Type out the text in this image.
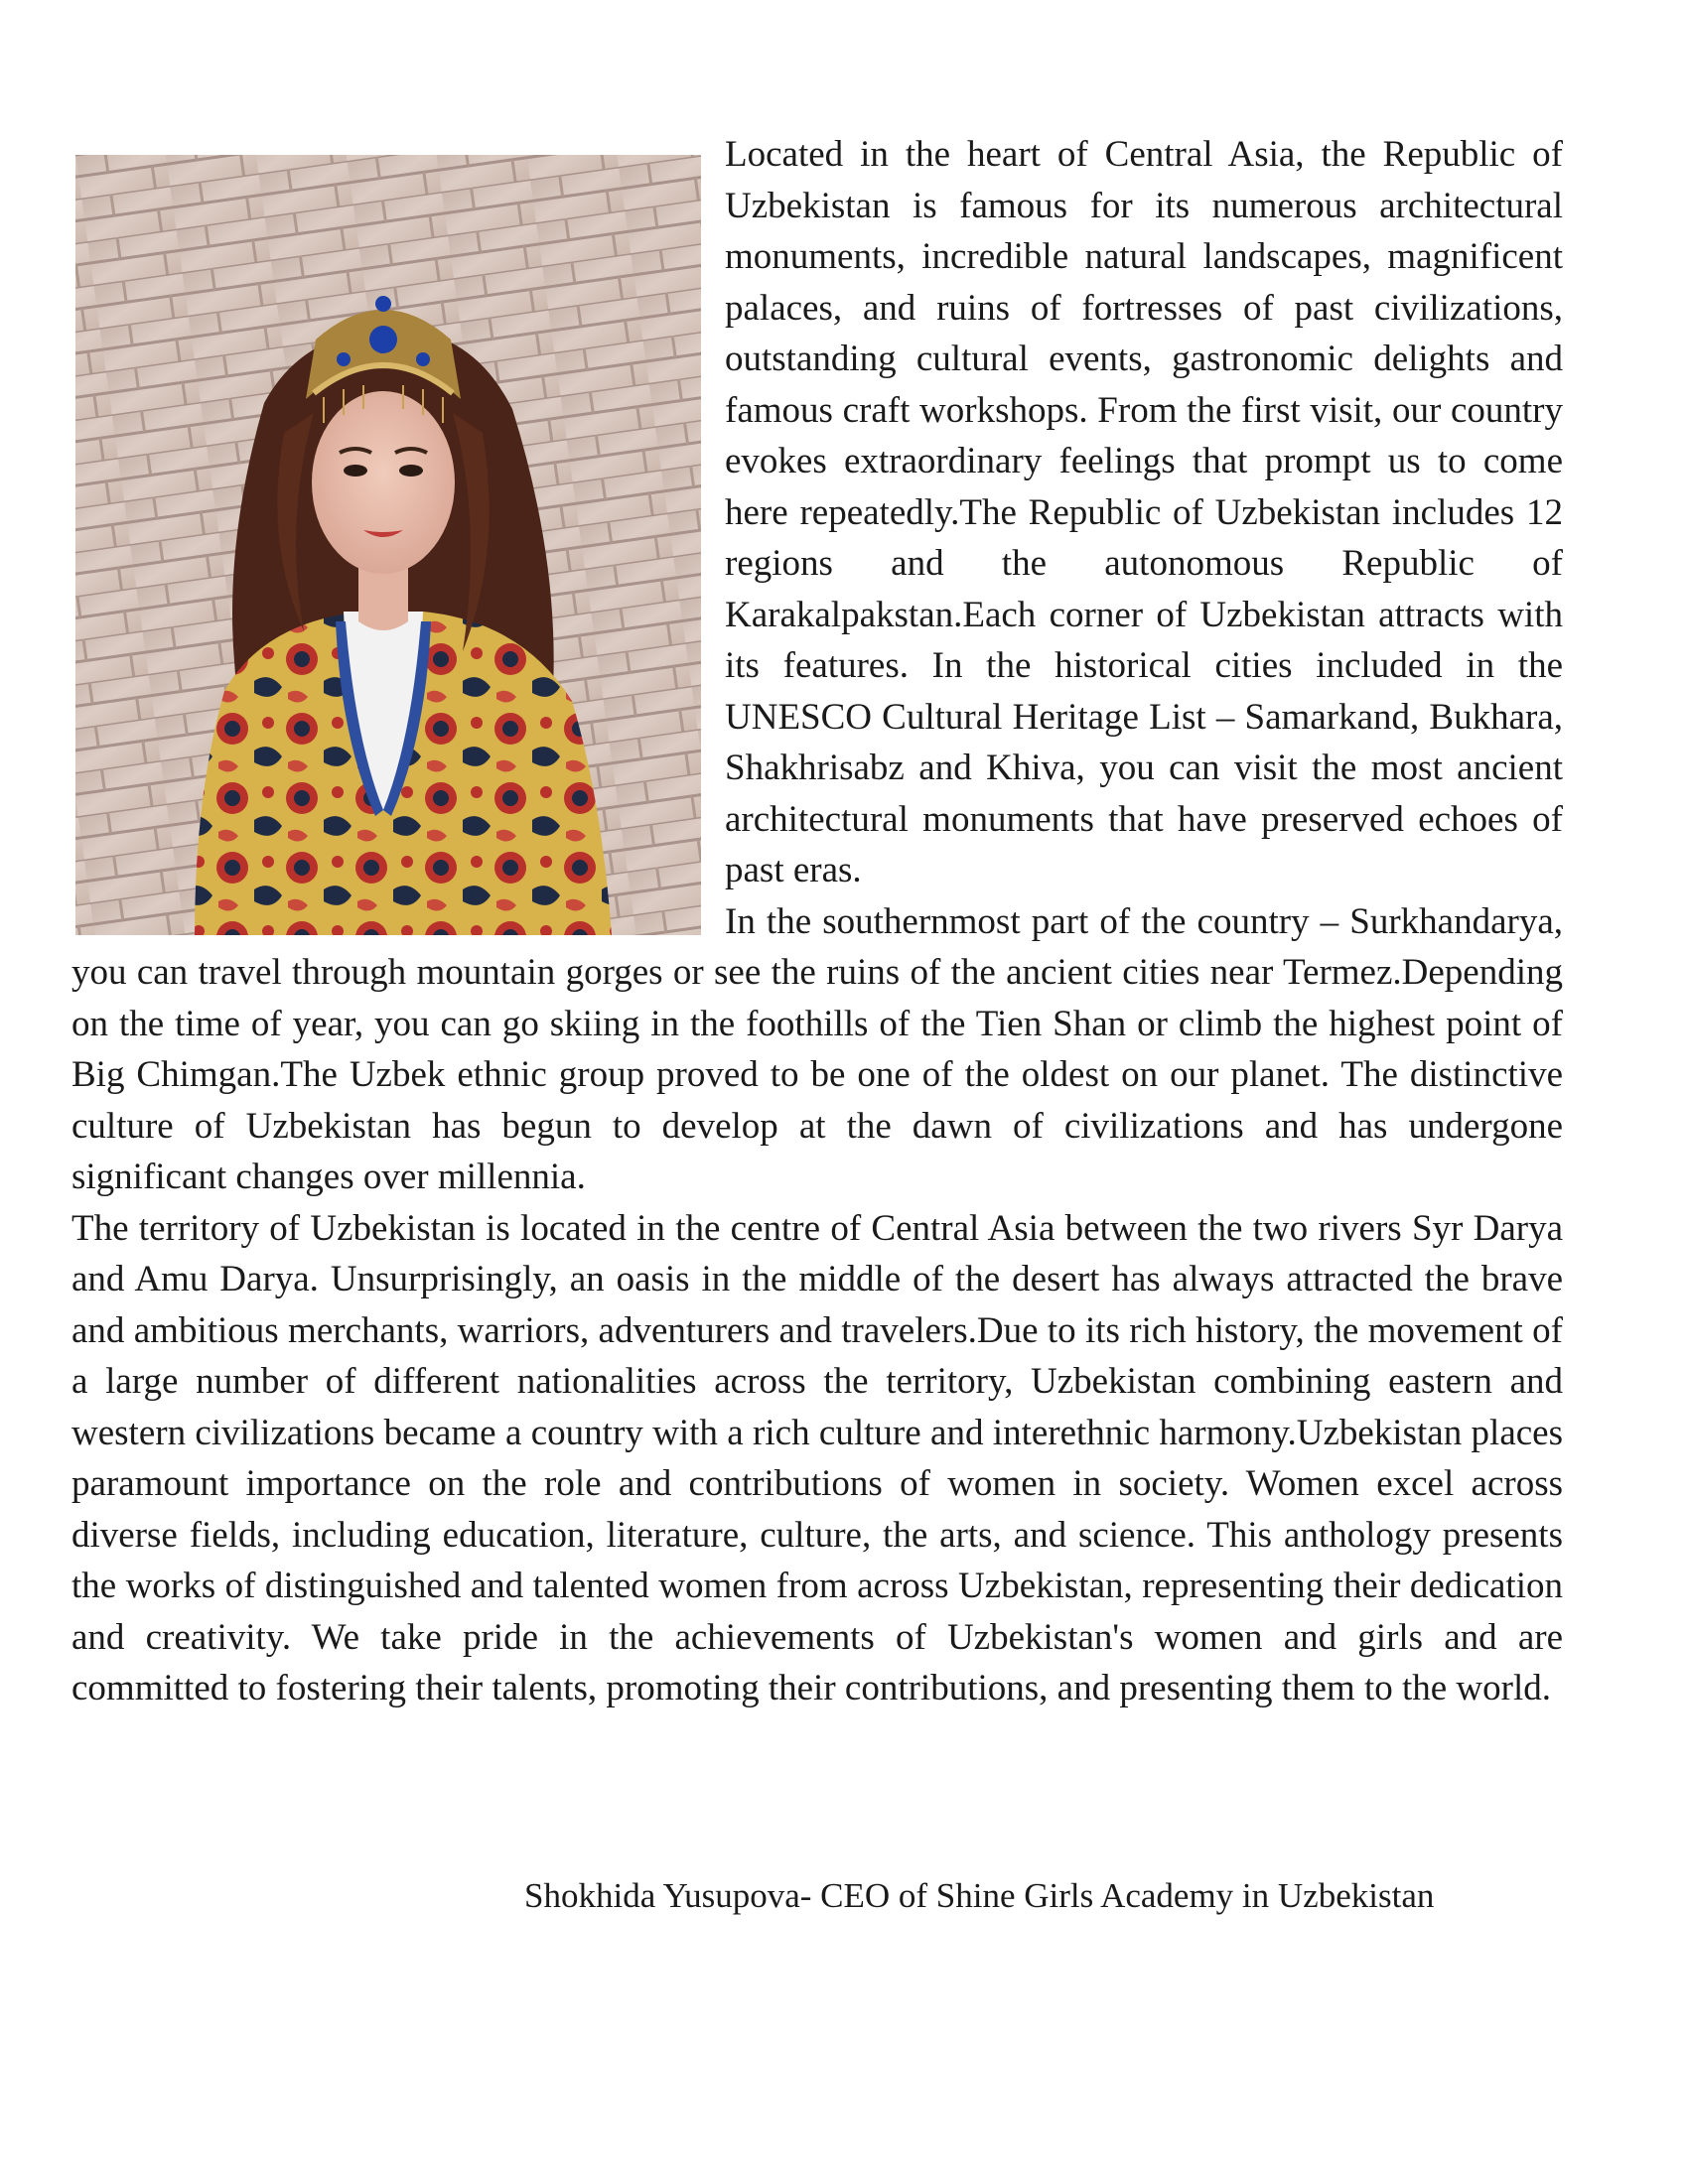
Located in the heart of Central Asia, the Republic of Uzbekistan is famous for its numerous architectural monuments, incredible natural landscapes, magnificent palaces, and ruins of fortresses of past civilizations, outstanding cultural events, gastronomic delights and famous craft workshops. From the first visit, our country evokes extraordinary feelings that prompt us to come here repeatedly.The Republic of Uzbekistan includes 12 regions and the autonomous Republic of Karakalpakstan.Each corner of Uzbekistan attracts with its features. In the historical cities included in the UNESCO Cultural Heritage List – Samarkand, Bukhara, Shakhrisabz and Khiva, you can visit the most ancient architectural monuments that have preserved echoes of past eras.

In the southernmost part of the country – Surkhandarya, you can travel through mountain gorges or see the ruins of the ancient cities near Termez.Depending on the time of year, you can go skiing in the foothills of the Tien Shan or climb the highest point of Big Chimgan.The Uzbek ethnic group proved to be one of the oldest on our planet. The distinctive culture of Uzbekistan has begun to develop at the dawn of civilizations and has undergone significant changes over millennia.

The territory of Uzbekistan is located in the centre of Central Asia between the two rivers Syr Darya and Amu Darya. Unsurprisingly, an oasis in the middle of the desert has always attracted the brave and ambitious merchants, warriors, adventurers and travelers.Due to its rich history, the movement of a large number of different nationalities across the territory, Uzbekistan combining eastern and western civilizations became a country with a rich culture and interethnic harmony.Uzbekistan places paramount importance on the role and contributions of women in society. Women excel across diverse fields, including education, literature, culture, the arts, and science. This anthology presents the works of distinguished and talented women from across Uzbekistan, representing their dedication and creativity. We take pride in the achievements of Uzbekistan's women and girls and are committed to fostering their talents, promoting their contributions, and presenting them to the world.

Shokhida Yusupova- CEO of Shine Girls Academy in Uzbekistan
